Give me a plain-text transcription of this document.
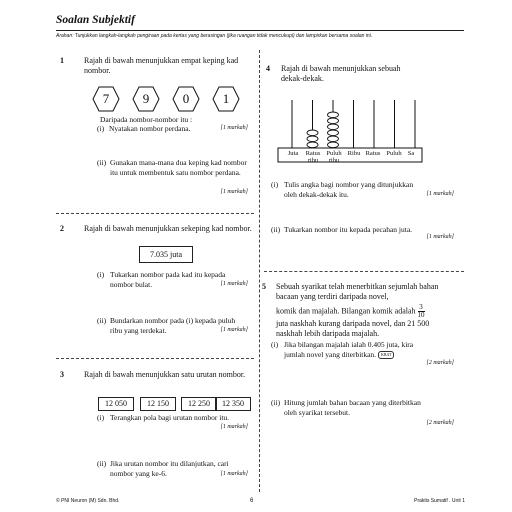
Soalan Subjektif
Arahan: Tunjukkan langkah-langkah pengiraan pada kertas yang berasingan (jika ruangan tidak mencukupi) dan lampirkan bersama soalan ini.
1	Rajah di bawah menunjukkan empat keping kad nombor.
7	9	0	1
Daripada nombor-nombor itu :
(i) Nyatakan nombor perdana.	[1 markah]
(ii) Gunakan mana-mana dua keping kad nombor itu untuk membentuk satu nombor perdana.
[1 markah]
2	Rajah di bawah menunjukkan sekeping kad nombor.
7.035 juta
(i) Tukarkan nombor pada kad itu kepada nombor bulat.	[1 markah]
(ii) Bundarkan nombor pada (i) kepada puluh ribu yang terdekat.	[1 markah]
3	Rajah di bawah menunjukkan satu urutan nombor.
12 050	12 150	12 250	12 350
(i) Terangkan pola bagi urutan nombor itu.
[1 markah]
(ii) Jika urutan nombor itu dilanjutkan, cari nombor yang ke-6.	[1 markah]
4 Rajah di bawah menunjukkan sebuah dekak-dekak.
Juta	Ratus ribu
Puluh ribu
Ribu Ratus Puluh Sa
(i) Tulis angka bagi nombor yang ditunjukkan oleh dekak-dekak itu.	[1 markah]
(ii) Tukarkan nombor itu kepada pecahan juta.
[1 markah]
5 Sebuah syarikat telah menerbitkan sejumlah bahan bacaan yang terdiri daripada novel,
komik dan majalah. Bilangan komik adalah $\frac{3}{10}$
juta naskhah kurang daripada novel, dan 21 500 naskhah lebih daripada majalah.
(i) Jika bilangan majalah ialah 0.405 juta, kira jumlah novel yang diterbitkan. KBAT
[2 markah]
(ii) Hitung jumlah bahan bacaan yang diterbitkan oleh syarikat tersebut.
[2 markah]
© PNI Neuron (M) Sdn. Bhd.	6	Praktis Sumatif . Unit 1
